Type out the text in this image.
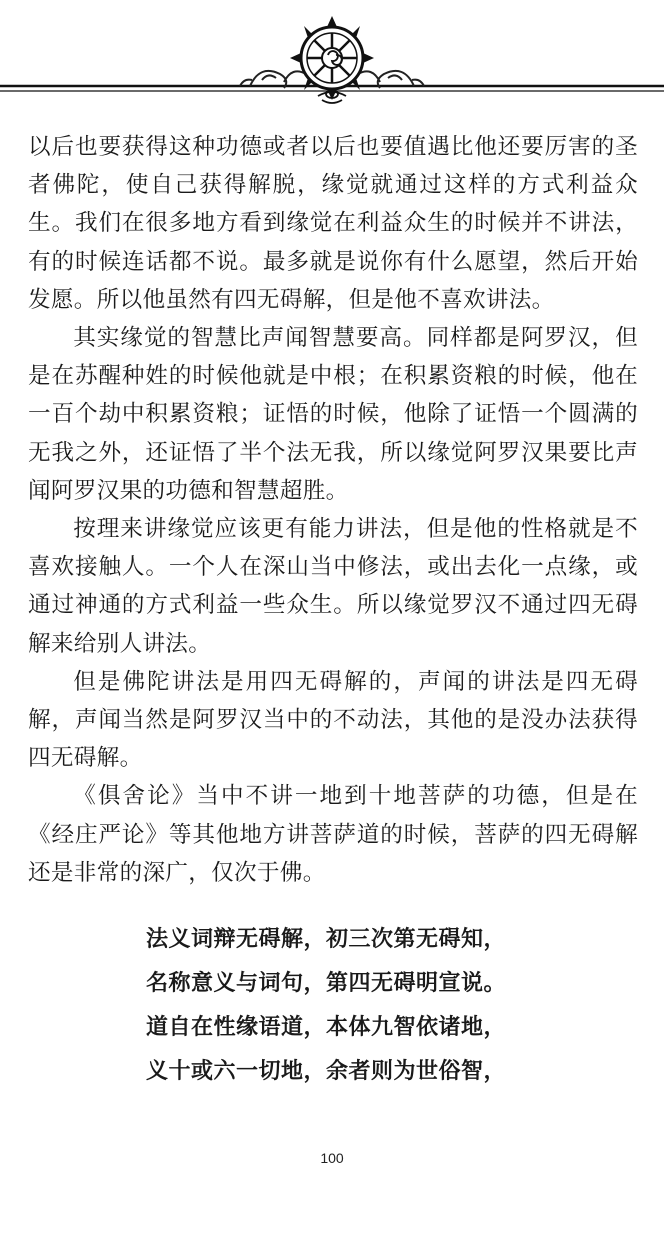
以后也要获得这种功德或者以后也要值遇比他还要厉害的圣者佛陀，使自己获得解脱，缘觉就通过这样的方式利益众生。我们在很多地方看到缘觉在利益众生的时候并不讲法，有的时候连话都不说。最多就是说你有什么愿望，然后开始发愿。所以他虽然有四无碍解，但是他不喜欢讲法。

其实缘觉的智慧比声闻智慧要高。同样都是阿罗汉，但是在苏醒种姓的时候他就是中根；在积累资粮的时候，他在一百个劫中积累资粮；证悟的时候，他除了证悟一个圆满的无我之外，还证悟了半个法无我，所以缘觉阿罗汉果要比声闻阿罗汉果的功德和智慧超胜。

按理来讲缘觉应该更有能力讲法，但是他的性格就是不喜欢接触人。一个人在深山当中修法，或出去化一点缘，或通过神通的方式利益一些众生。所以缘觉罗汉不通过四无碍解来给别人讲法。

但是佛陀讲法是用四无碍解的，声闻的讲法是四无碍解，声闻当然是阿罗汉当中的不动法，其他的是没办法获得四无碍解。

《俱舍论》当中不讲一地到十地菩萨的功德，但是在《经庄严论》等其他地方讲菩萨道的时候，菩萨的四无碍解还是非常的深广，仅次于佛。

法义词辩无碍解，初三次第无碍知，
名称意义与词句，第四无碍明宣说。
道自在性缘语道，本体九智依诸地，
义十或六一切地，余者则为世俗智，
100
